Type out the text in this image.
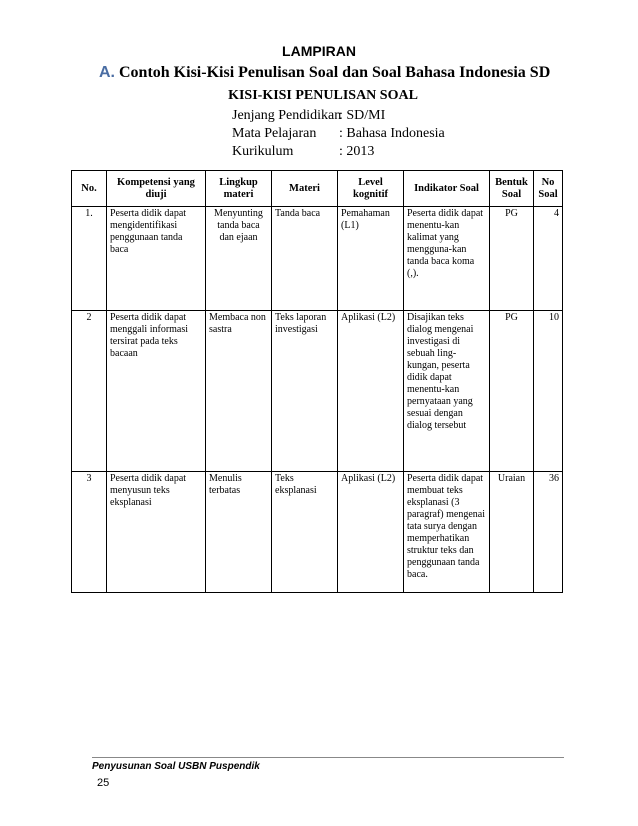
LAMPIRAN
A. Contoh Kisi-Kisi Penulisan Soal dan Soal Bahasa Indonesia SD
KISI-KISI PENULISAN SOAL
Jenjang Pendidikan
: SD/MI
Mata Pelajaran	: Bahasa Indonesia
Kurikulum	: 2013
No.	Kompetensi yang diuji	Lingkup materi	Materi	Level kognitif	Indikator Soal	Bentuk Soal	No Soal
1.	Peserta didik dapat mengidentifikasi penggunaan tanda baca	Menyunting tanda baca dan ejaan	Tanda baca	Pemahaman (L1)	Peserta didik dapat menentu-kan kalimat yang mengguna-kan tanda baca koma (,).	PG	4
2	Peserta didik dapat menggali informasi tersirat pada teks bacaan	Membaca non sastra	Teks laporan investigasi	Aplikasi (L2)	Disajikan teks dialog mengenai investigasi di sebuah ling-kungan, peserta didik dapat menentu-kan pernyataan yang sesuai dengan dialog tersebut	PG	10
3	Peserta didik dapat menyusun teks eksplanasi	Menulis terbatas	Teks eksplanasi	Aplikasi (L2)	Peserta didik dapat membuat teks eksplanasi (3 paragraf) mengenai tata surya dengan memperhatikan struktur teks dan penggunaan tanda baca.	Uraian	36
Penyusunan Soal USBN Puspendik
25
